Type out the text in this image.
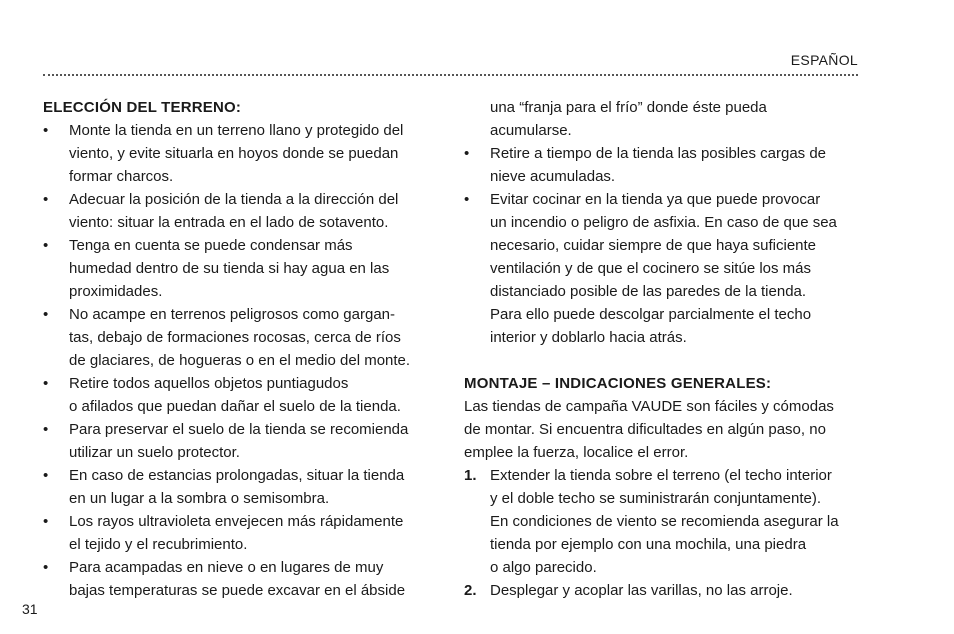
ESPAÑOL
ELECCIÓN DEL TERRENO:
•	Monte la tienda en un terreno llano y protegido del
viento, y evite situarla en hoyos donde se puedan
formar charcos.
•	Adecuar la posición de la tienda a la dirección del
viento: situar la entrada en el lado de sotavento.
•	Tenga en cuenta se puede condensar más
humedad dentro de su tienda si hay agua en las
proximidades.
•	No acampe en terrenos peligrosos como gargan-
tas, debajo de formaciones rocosas, cerca de ríos
de glaciares, de hogueras o en el medio del monte.
•	Retire todos aquellos objetos puntiagudos
o afilados que puedan dañar el suelo de la tienda.
•	Para preservar el suelo de la tienda se recomienda
utilizar un suelo protector.
•	En caso de estancias prolongadas, situar la tienda
en un lugar a la sombra o semisombra.
•	Los rayos ultravioleta envejecen más rápidamente
el tejido y el recubrimiento.
•	Para acampadas en nieve o en lugares de muy
bajas temperaturas se puede excavar en el ábside
una “franja para el frío” donde éste pueda
acumularse.
•	Retire a tiempo de la tienda las posibles cargas de
nieve acumuladas.
•	Evitar cocinar en la tienda ya que puede provocar
un incendio o peligro de asfixia. En caso de que sea
necesario, cuidar siempre de que haya suficiente
ventilación y de que el cocinero se sitúe los más
distanciado posible de las paredes de la tienda.
Para ello puede descolgar parcialmente el techo
interior y doblarlo hacia atrás.
MONTAJE – INDICACIONES GENERALES:
Las tiendas de campaña VAUDE son fáciles y cómodas
de montar. Si encuentra dificultades en algún paso, no
emplee la fuerza, localice el error.
1. Extender la tienda sobre el terreno (el techo interior
y el doble techo se suministrarán conjuntamente).
En condiciones de viento se recomienda asegurar la
tienda por ejemplo con una mochila, una piedra
o algo parecido.
2. Desplegar y acoplar las varillas, no las arroje.
31
